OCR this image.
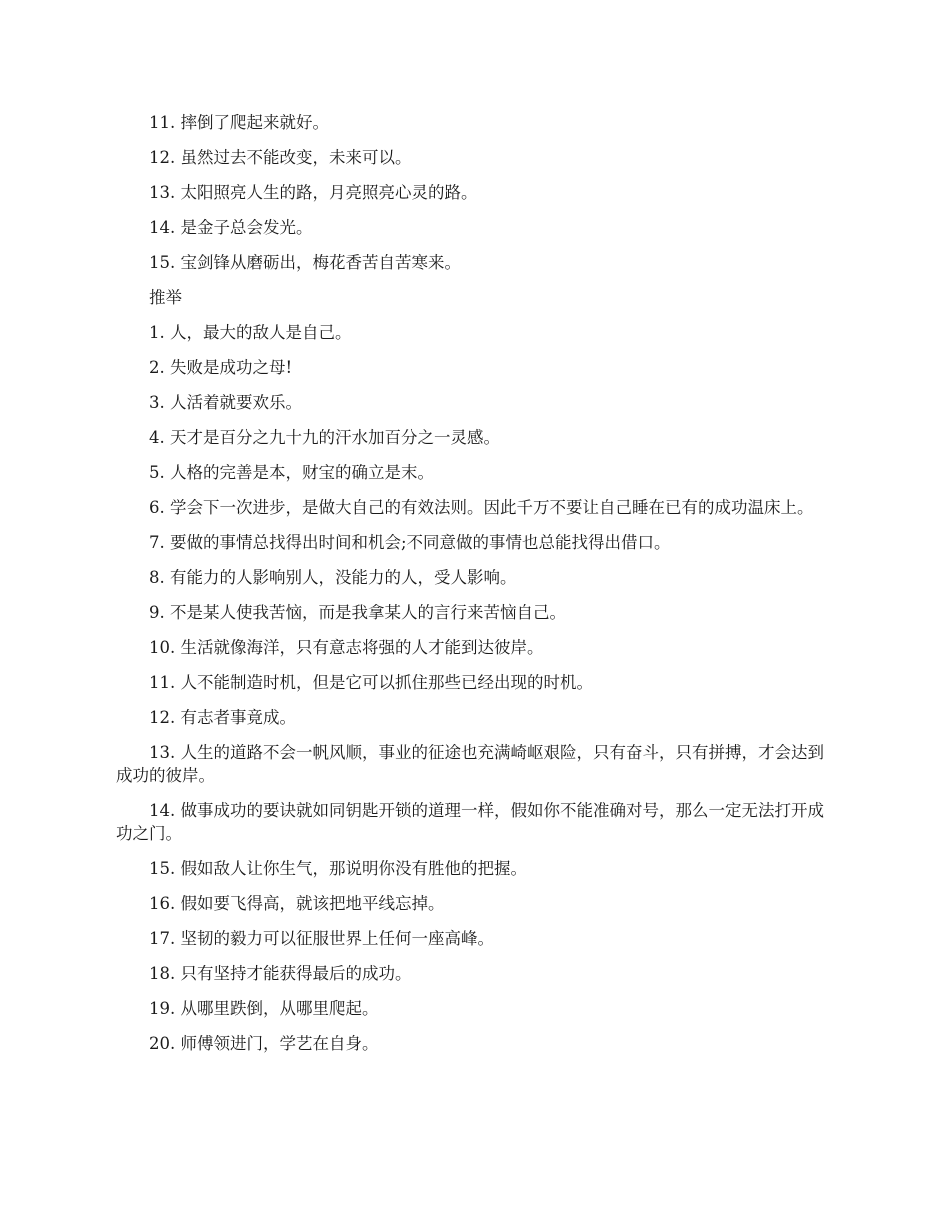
11. 摔倒了爬起来就好。

12. 虽然过去不能改变，未来可以。

13. 太阳照亮人生的路，月亮照亮心灵的路。

14. 是金子总会发光。

15. 宝剑锋从磨砺出，梅花香苦自苦寒来。

推举

1. 人，最大的敌人是自己。

2. 失败是成功之母!

3. 人活着就要欢乐。

4. 天才是百分之九十九的汗水加百分之一灵感。

5. 人格的完善是本，财宝的确立是末。

6. 学会下一次进步，是做大自己的有效法则。因此千万不要让自己睡在已有的成功温床上。

7. 要做的事情总找得出时间和机会;不同意做的事情也总能找得出借口。

8. 有能力的人影响别人，没能力的人，受人影响。

9. 不是某人使我苦恼，而是我拿某人的言行来苦恼自己。

10. 生活就像海洋，只有意志将强的人才能到达彼岸。

11. 人不能制造时机，但是它可以抓住那些已经出现的时机。

12. 有志者事竟成。

13. 人生的道路不会一帆风顺，事业的征途也充满崎岖艰险，只有奋斗，只有拼搏，才会达到成功的彼岸。

14. 做事成功的要诀就如同钥匙开锁的道理一样，假如你不能准确对号，那么一定无法打开成功之门。

15. 假如敌人让你生气，那说明你没有胜他的把握。

16. 假如要飞得高，就该把地平线忘掉。

17. 坚韧的毅力可以征服世界上任何一座高峰。

18. 只有坚持才能获得最后的成功。

19. 从哪里跌倒，从哪里爬起。

20. 师傅领进门，学艺在自身。
